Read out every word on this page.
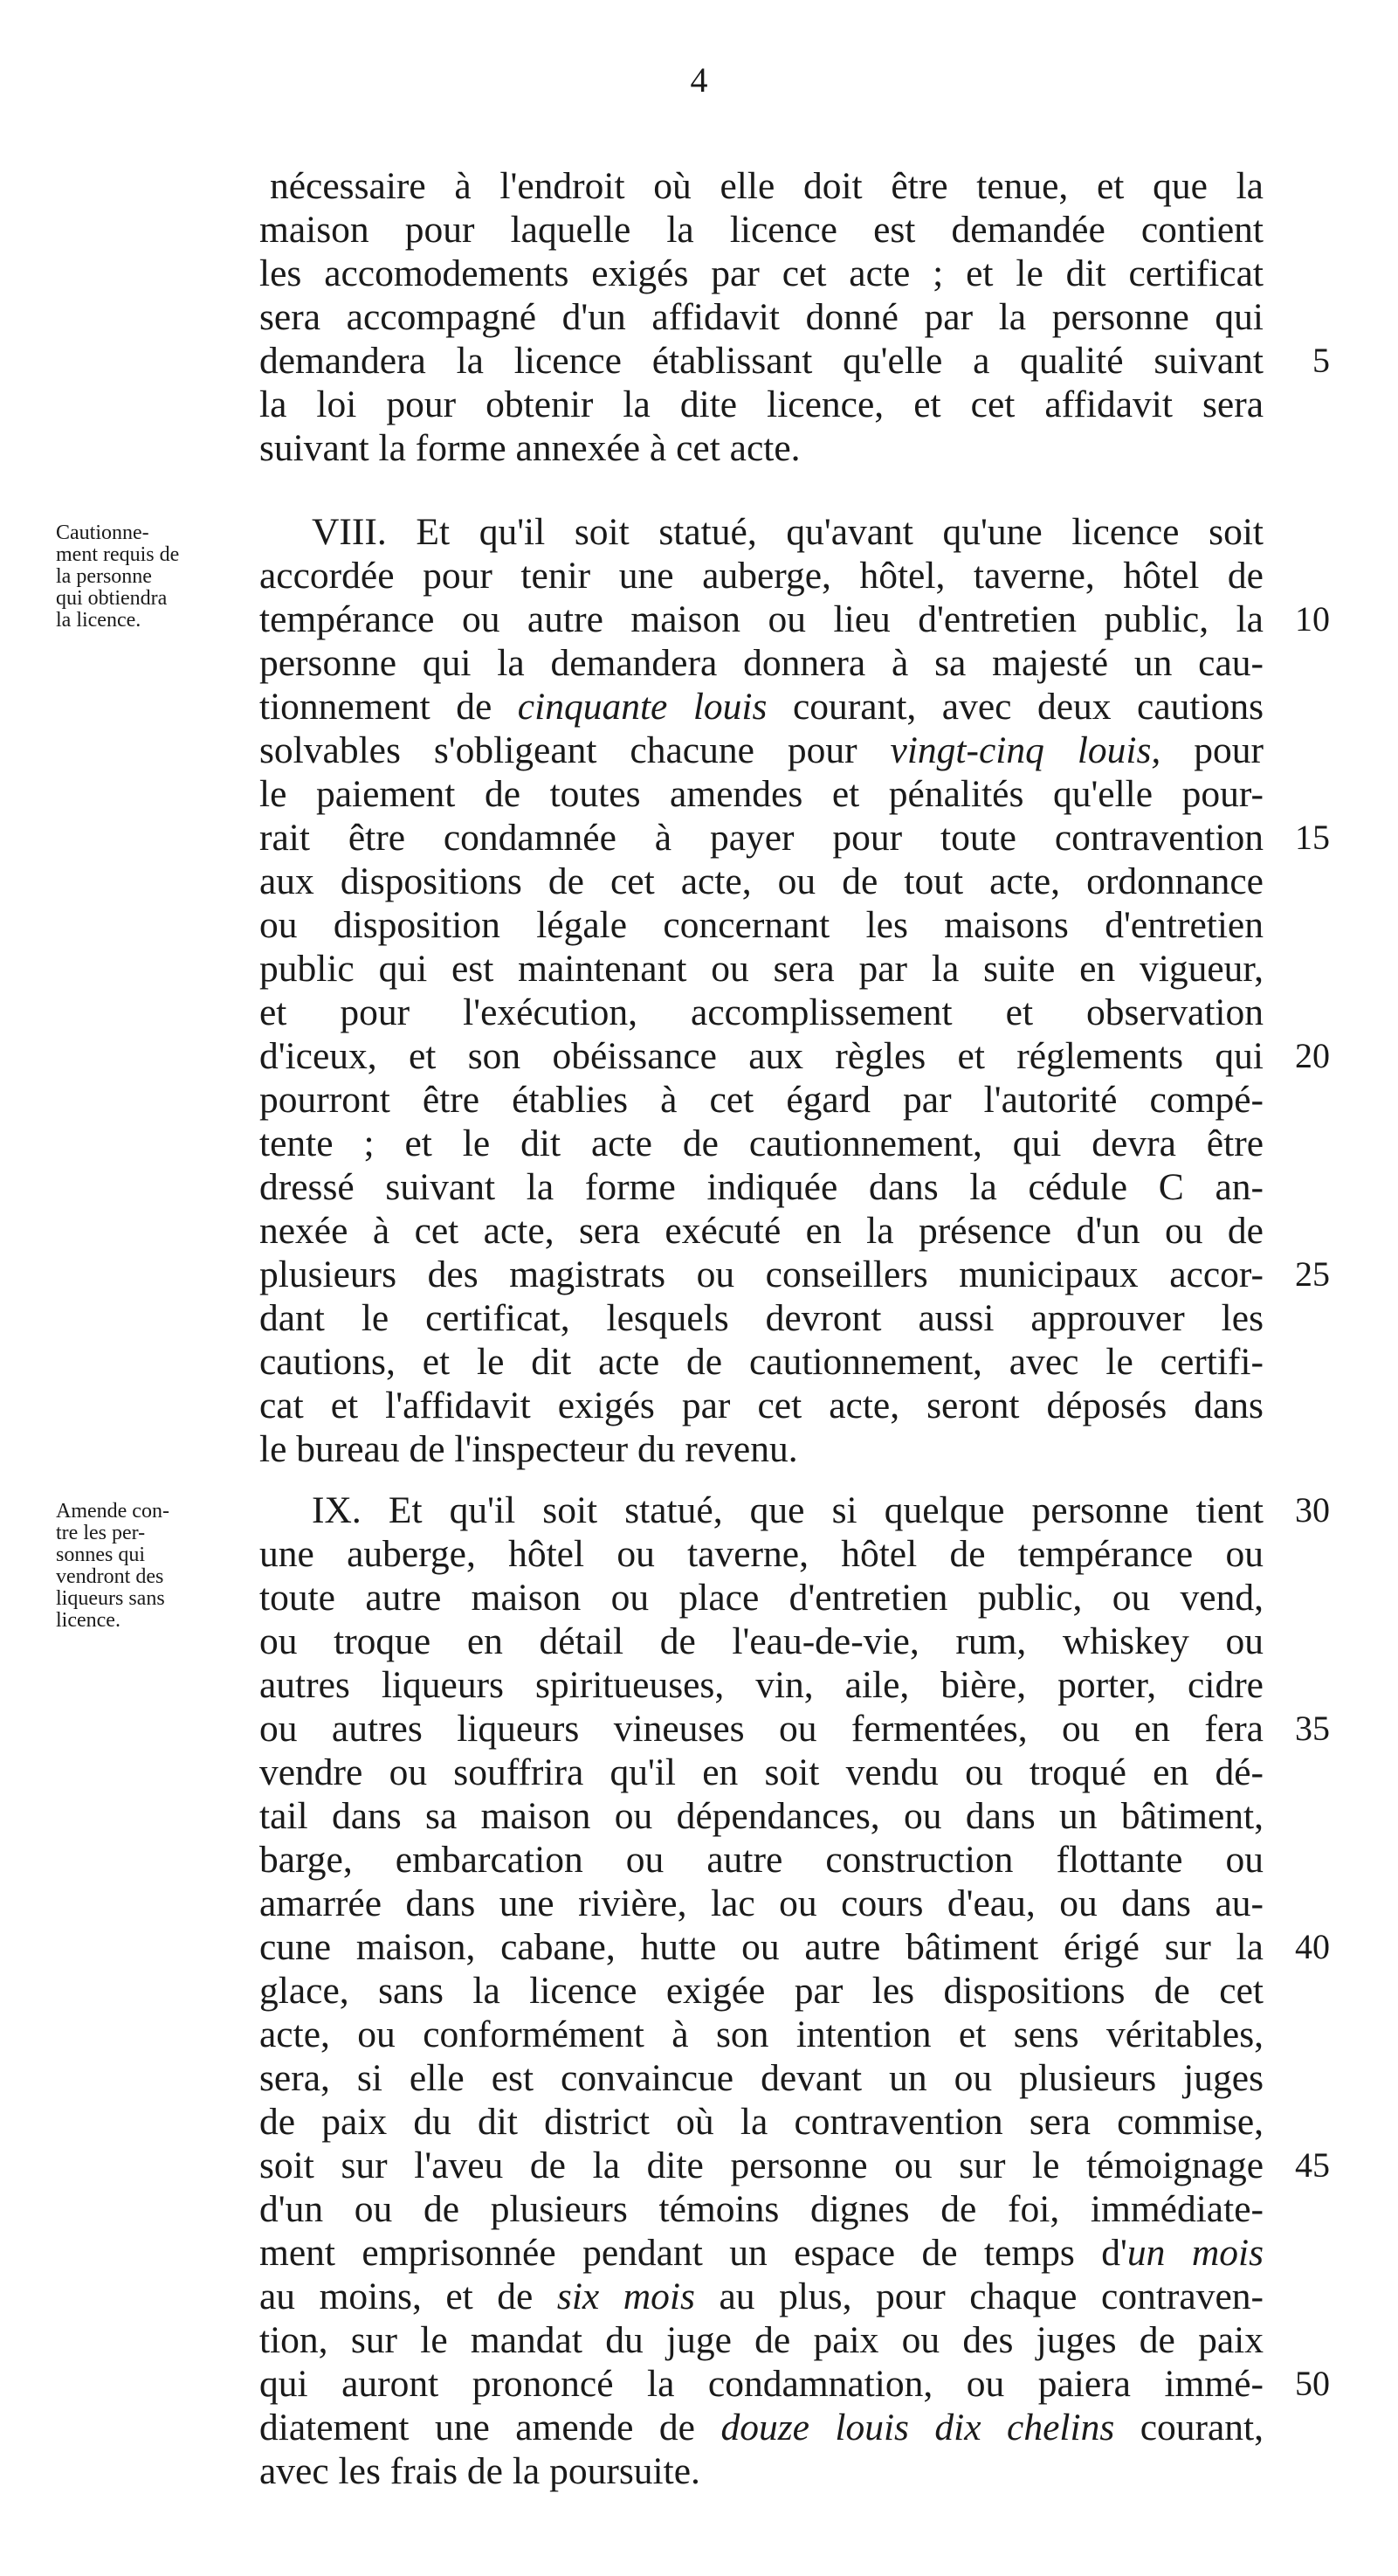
4
nécessaire à l'endroit où elle doit être tenue, et que la
maison pour laquelle la licence est demandée contient
les accomodements exigés par cet acte ; et le dit certificat
sera accompagné d'un affidavit donné par la personne qui
demandera la licence établissant qu'elle a qualité suivant
la loi pour obtenir la dite licence, et cet affidavit sera
suivant la forme annexée à cet acte.
Cautionne-
ment requis de
la personne
qui obtiendra
la licence.
VIII. Et qu'il soit statué, qu'avant qu'une licence soit
accordée pour tenir une auberge, hôtel, taverne, hôtel de
tempérance ou autre maison ou lieu d'entretien public, la
personne qui la demandera donnera à sa majesté un cau-
tionnement de cinquante louis courant, avec deux cautions
solvables s'obligeant chacune pour vingt-cinq louis, pour
le paiement de toutes amendes et pénalités qu'elle pour-
rait être condamnée à payer pour toute contravention
aux dispositions de cet acte, ou de tout acte, ordonnance
ou disposition légale concernant les maisons d'entretien
public qui est maintenant ou sera par la suite en vigueur,
et pour l'exécution, accomplissement et observation
d'iceux, et son obéissance aux règles et réglements qui
pourront être établies à cet égard par l'autorité compé-
tente ; et le dit acte de cautionnement, qui devra être
dressé suivant la forme indiquée dans la cédule C an-
nexée à cet acte, sera exécuté en la présence d'un ou de
plusieurs des magistrats ou conseillers municipaux accor-
dant le certificat, lesquels devront aussi approuver les
cautions, et le dit acte de cautionnement, avec le certifi-
cat et l'affidavit exigés par cet acte, seront déposés dans
le bureau de l'inspecteur du revenu.
Amende con-
tre les per-
sonnes qui
vendront des
liqueurs sans
licence.
IX. Et qu'il soit statué, que si quelque personne tient
une auberge, hôtel ou taverne, hôtel de tempérance ou
toute autre maison ou place d'entretien public, ou vend,
ou troque en détail de l'eau-de-vie, rum, whiskey ou
autres liqueurs spiritueuses, vin, aile, bière, porter, cidre
ou autres liqueurs vineuses ou fermentées, ou en fera
vendre ou souffrira qu'il en soit vendu ou troqué en dé-
tail dans sa maison ou dépendances, ou dans un bâtiment,
barge, embarcation ou autre construction flottante ou
amarrée dans une rivière, lac ou cours d'eau, ou dans au-
cune maison, cabane, hutte ou autre bâtiment érigé sur la
glace, sans la licence exigée par les dispositions de cet
acte, ou conformément à son intention et sens véritables,
sera, si elle est convaincue devant un ou plusieurs juges
de paix du dit district où la contravention sera commise,
soit sur l'aveu de la dite personne ou sur le témoignage
d'un ou de plusieurs témoins dignes de foi, immédiate-
ment emprisonnée pendant un espace de temps d'un mois
au moins, et de six mois au plus, pour chaque contraven-
tion, sur le mandat du juge de paix ou des juges de paix
qui auront prononcé la condamnation, ou paiera immé-
diatement une amende de douze louis dix chelins courant,
avec les frais de la poursuite.
5
10
15
20
25
30
35
40
45
50
